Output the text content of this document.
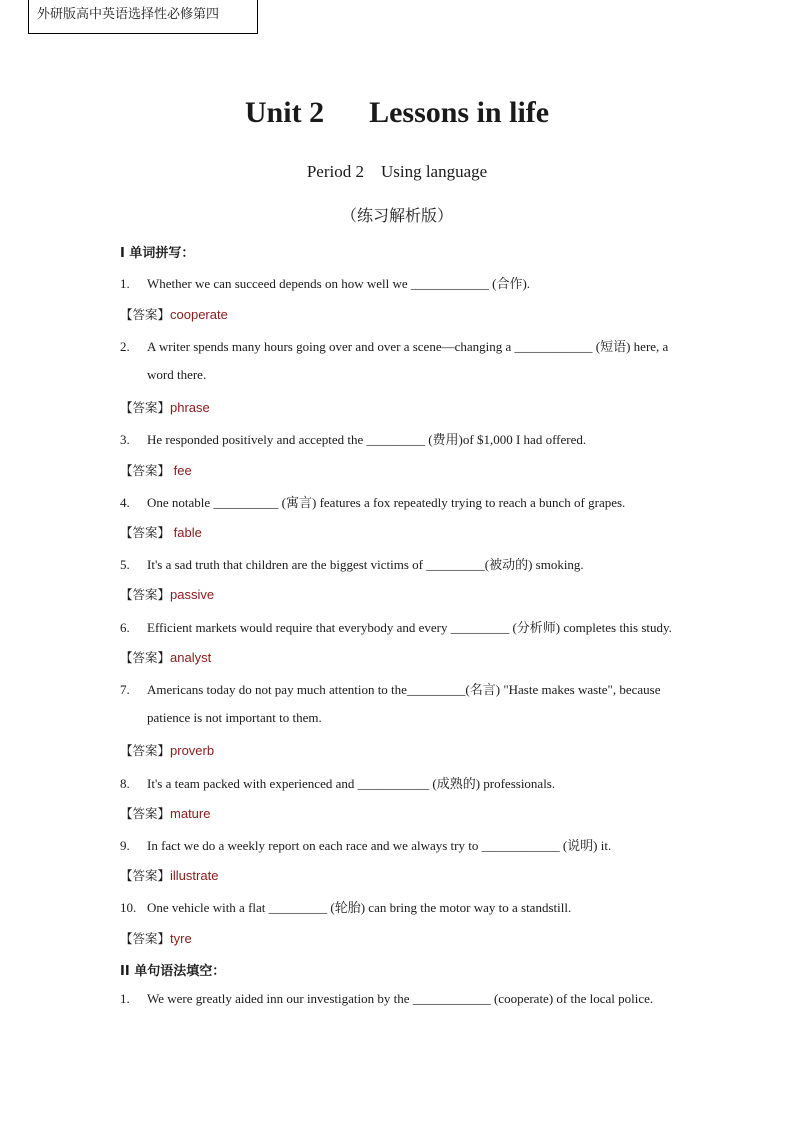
外研版高中英语选择性必修第四
Unit 2      Lessons in life
Period 2    Using language
（练习解析版）
I 单词拼写：
1. Whether we can succeed depends on how well we ____________ (合作).
【答案】cooperate
2. A writer spends many hours going over and over a scene—changing a ____________ (短语) here, a
word there.
【答案】phrase
3. He responded positively and accepted the _________ (费用)of $1,000 I had offered.
【答案】 fee
4. One notable __________ (寓言) features a fox repeatedly trying to reach a bunch of grapes.
【答案】 fable
5. It's a sad truth that children are the biggest victims of _________(被动的) smoking.
【答案】passive
6. Efficient markets would require that everybody and every _________ (分析师) completes this study.
【答案】analyst
7. Americans today do not pay much attention to the_________(名言) "Haste makes waste", because
patience is not important to them.
【答案】proverb
8. It's a team packed with experienced and ___________ (成熟的) professionals.
【答案】mature
9. In fact we do a weekly report on each race and we always try to ____________ (说明) it.
【答案】illustrate
10. One vehicle with a flat _________ (轮胎) can bring the motor way to a standstill.
【答案】tyre
II 单句语法填空：
1. We were greatly aided inn our investigation by the ____________ (cooperate) of the local police.
